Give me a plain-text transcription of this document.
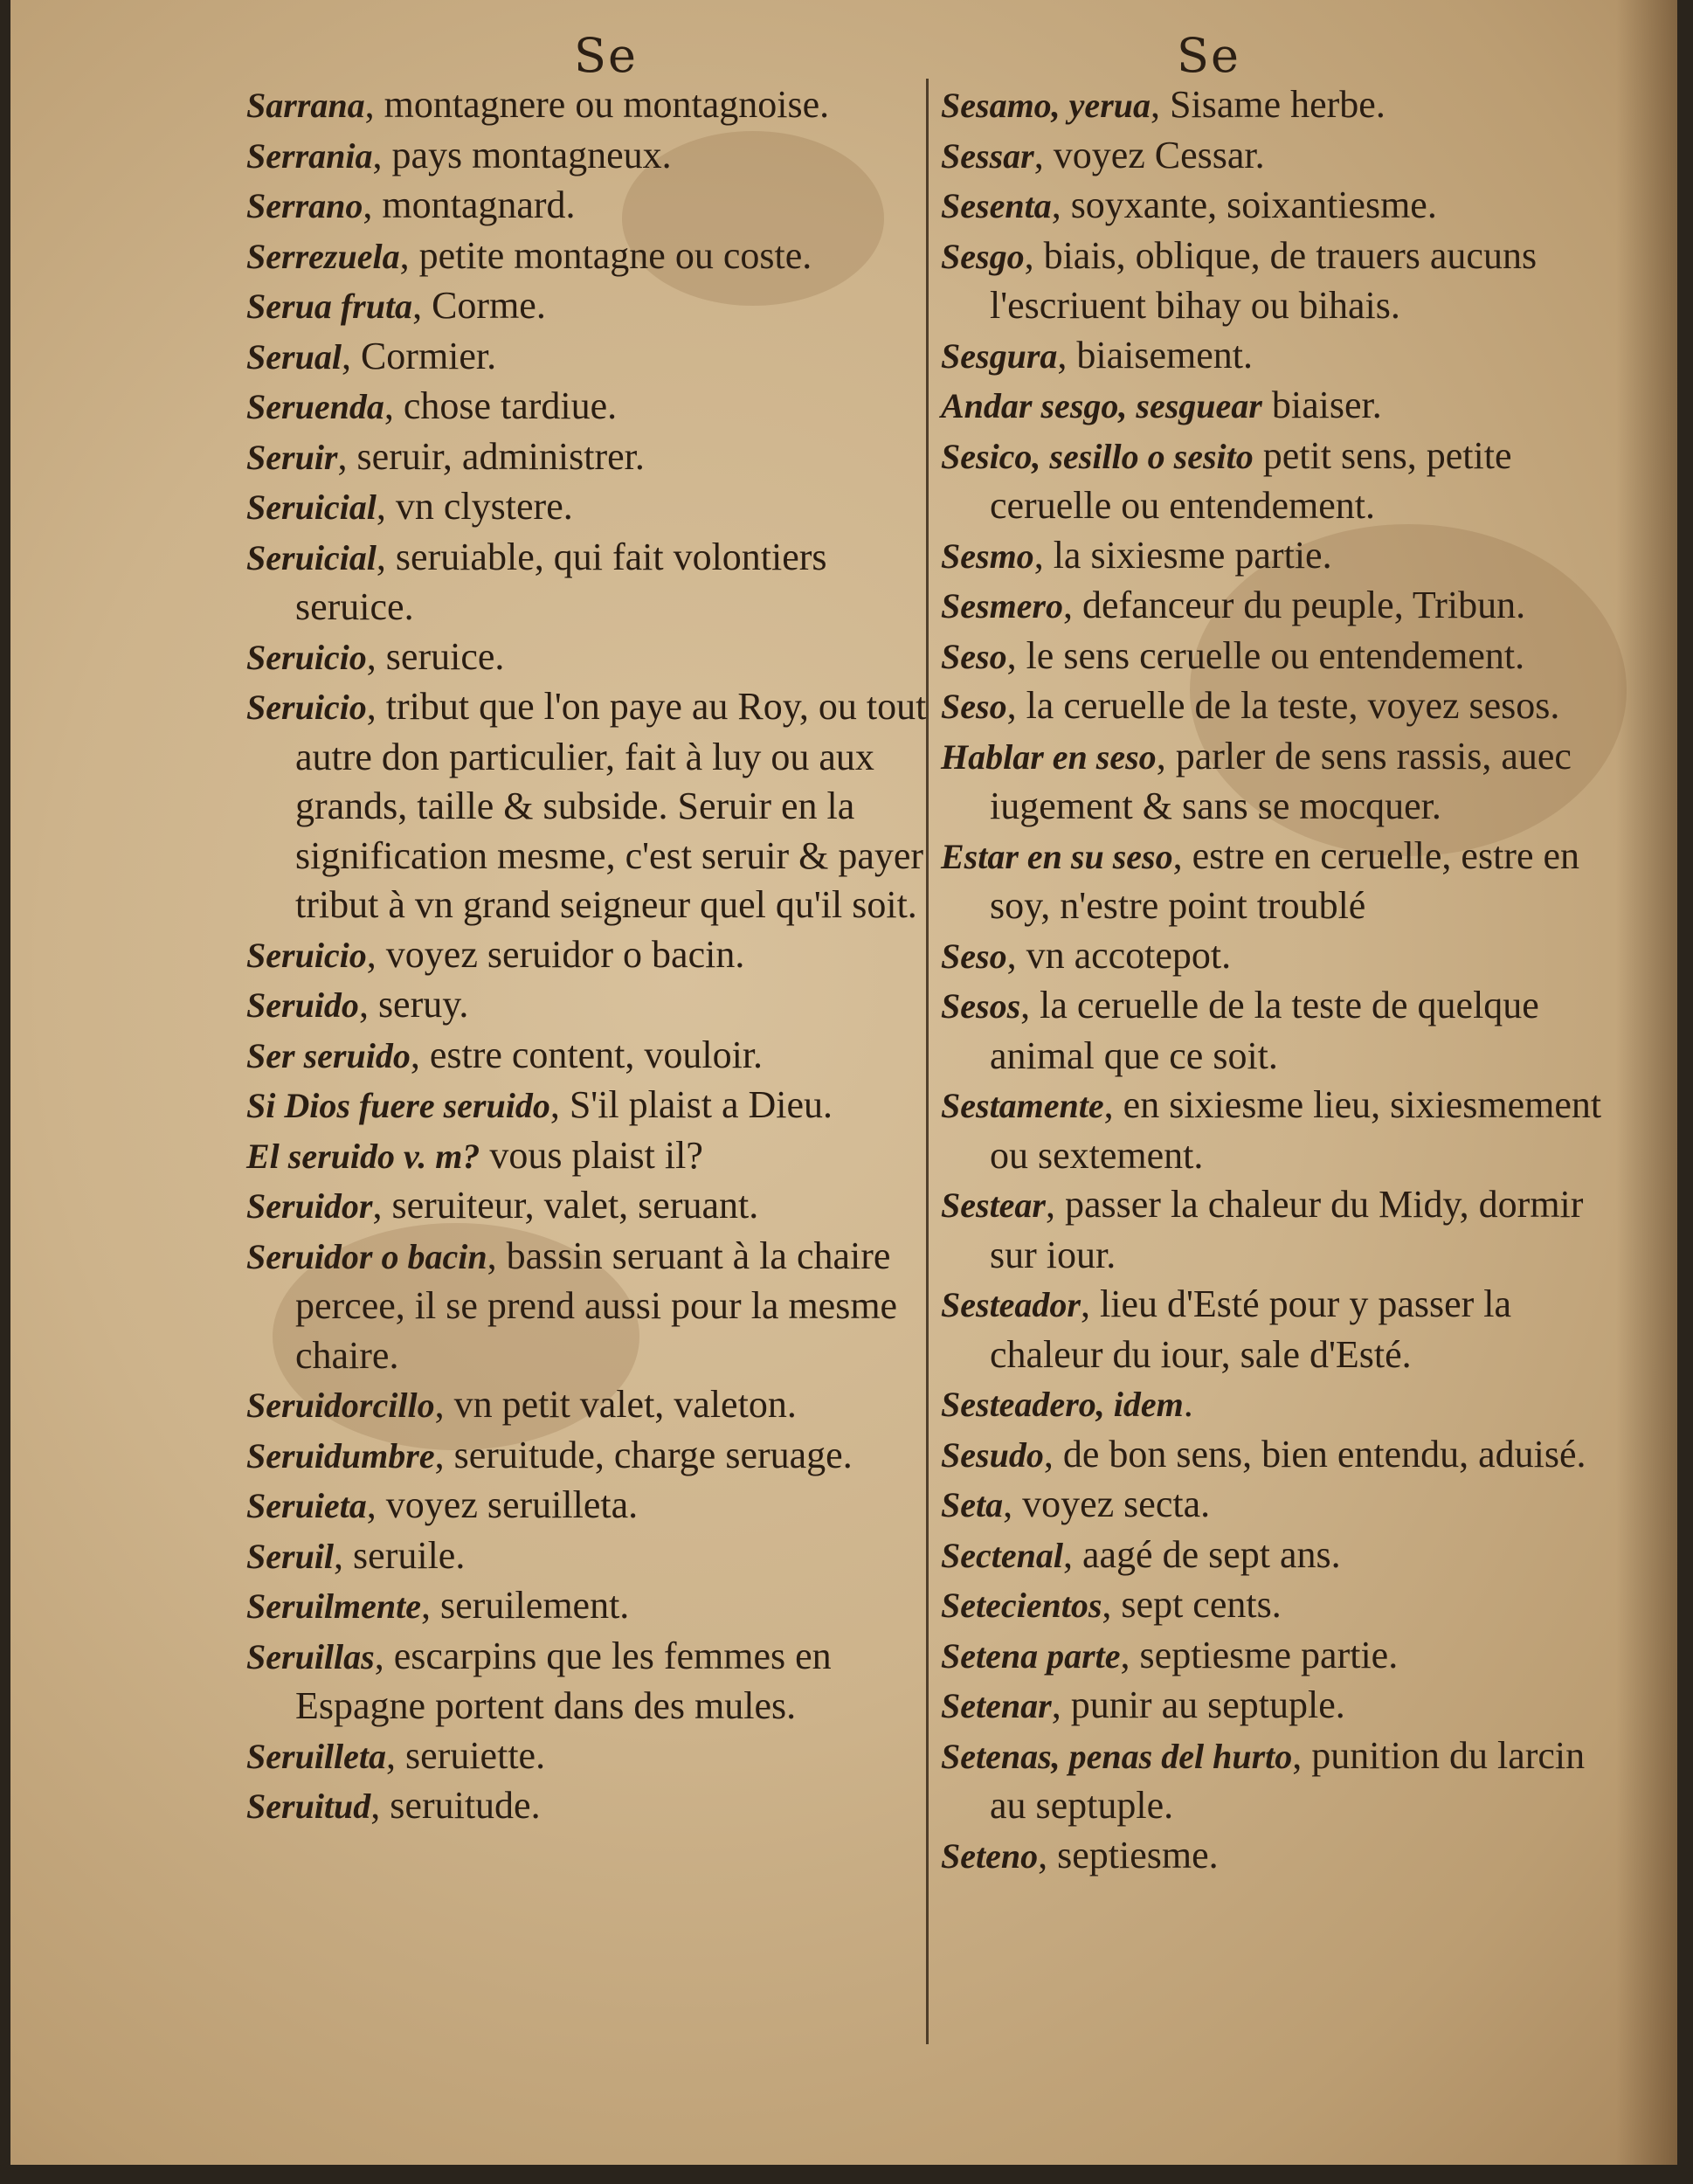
Se	Se

Sarrana, montagnere ou montagnoise.

Serrania, pays montagneux.

Serrano, montagnard.

Serrezuela, petite montagne ou coste.

Serua fruta, Corme.

Serual, Cormier.

Seruenda, chose tardiue.

Seruir, seruir, administrer.

Seruicial, vn clystere.

Seruicial, seruiable, qui fait volontiers seruice.

Seruicio, seruice.

Seruicio, tribut que l'on paye au Roy, ou tout autre don particulier, fait à luy ou aux grands, taille & subside. Seruir en la signification mesme, c'est seruir & payer tribut à vn grand seigneur quel qu'il soit.

Seruicio, voyez seruidor o bacin.

Seruido, seruy.

Ser seruido, estre content, vouloir.

Si Dios fuere seruido, S'il plaist a Dieu.

El seruido v. m? vous plaist il?

Seruidor, seruiteur, valet, seruant.

Seruidor o bacin, bassin seruant à la chaire percee, il se prend aussi pour la mesme chaire.

Seruidorcillo, vn petit valet, valeton.

Seruidumbre, seruitude, charge seruage.

Seruieta, voyez seruilleta.

Seruil, seruile.

Seruilmente, seruilement.

Seruillas, escarpins que les femmes en Espagne portent dans des mules.

Seruilleta, seruiette.

Seruitud, seruitude.

Sesamo, yerua, Sisame herbe.

Sessar, voyez Cessar.

Sesenta, soyxante, soixantiesme.

Sesgo, biais, oblique, de trauers aucuns l'escriuent bihay ou bihais.

Sesgura, biaisement.

Andar sesgo, sesguear biaiser.

Sesico, sesillo o sesito petit sens, petite ceruelle ou entendement.

Sesmo, la sixiesme partie.

Sesmero, defanceur du peuple, Tribun.

Seso, le sens ceruelle ou entendement.

Seso, la ceruelle de la teste, voyez sesos.

Hablar en seso, parler de sens rassis, auec iugement & sans se mocquer.

Estar en su seso, estre en ceruelle, estre en soy, n'estre point troublé

Seso, vn accotepot.

Sesos, la ceruelle de la teste de quelque animal que ce soit.

Sestamente, en sixiesme lieu, sixiesmement ou sextement.

Sestear, passer la chaleur du Midy, dormir sur iour.

Sesteador, lieu d'Esté pour y passer la chaleur du iour, sale d'Esté.

Sesteadero, idem.

Sesudo, de bon sens, bien entendu, aduisé.

Seta, voyez secta.

Sectenal, aagé de sept ans.

Setecientos, sept cents.

Setena parte, septiesme partie.

Setenar, punir au septuple.

Setenas, penas del hurto, punition du larcin au septuple.

Seteno, septiesme.
